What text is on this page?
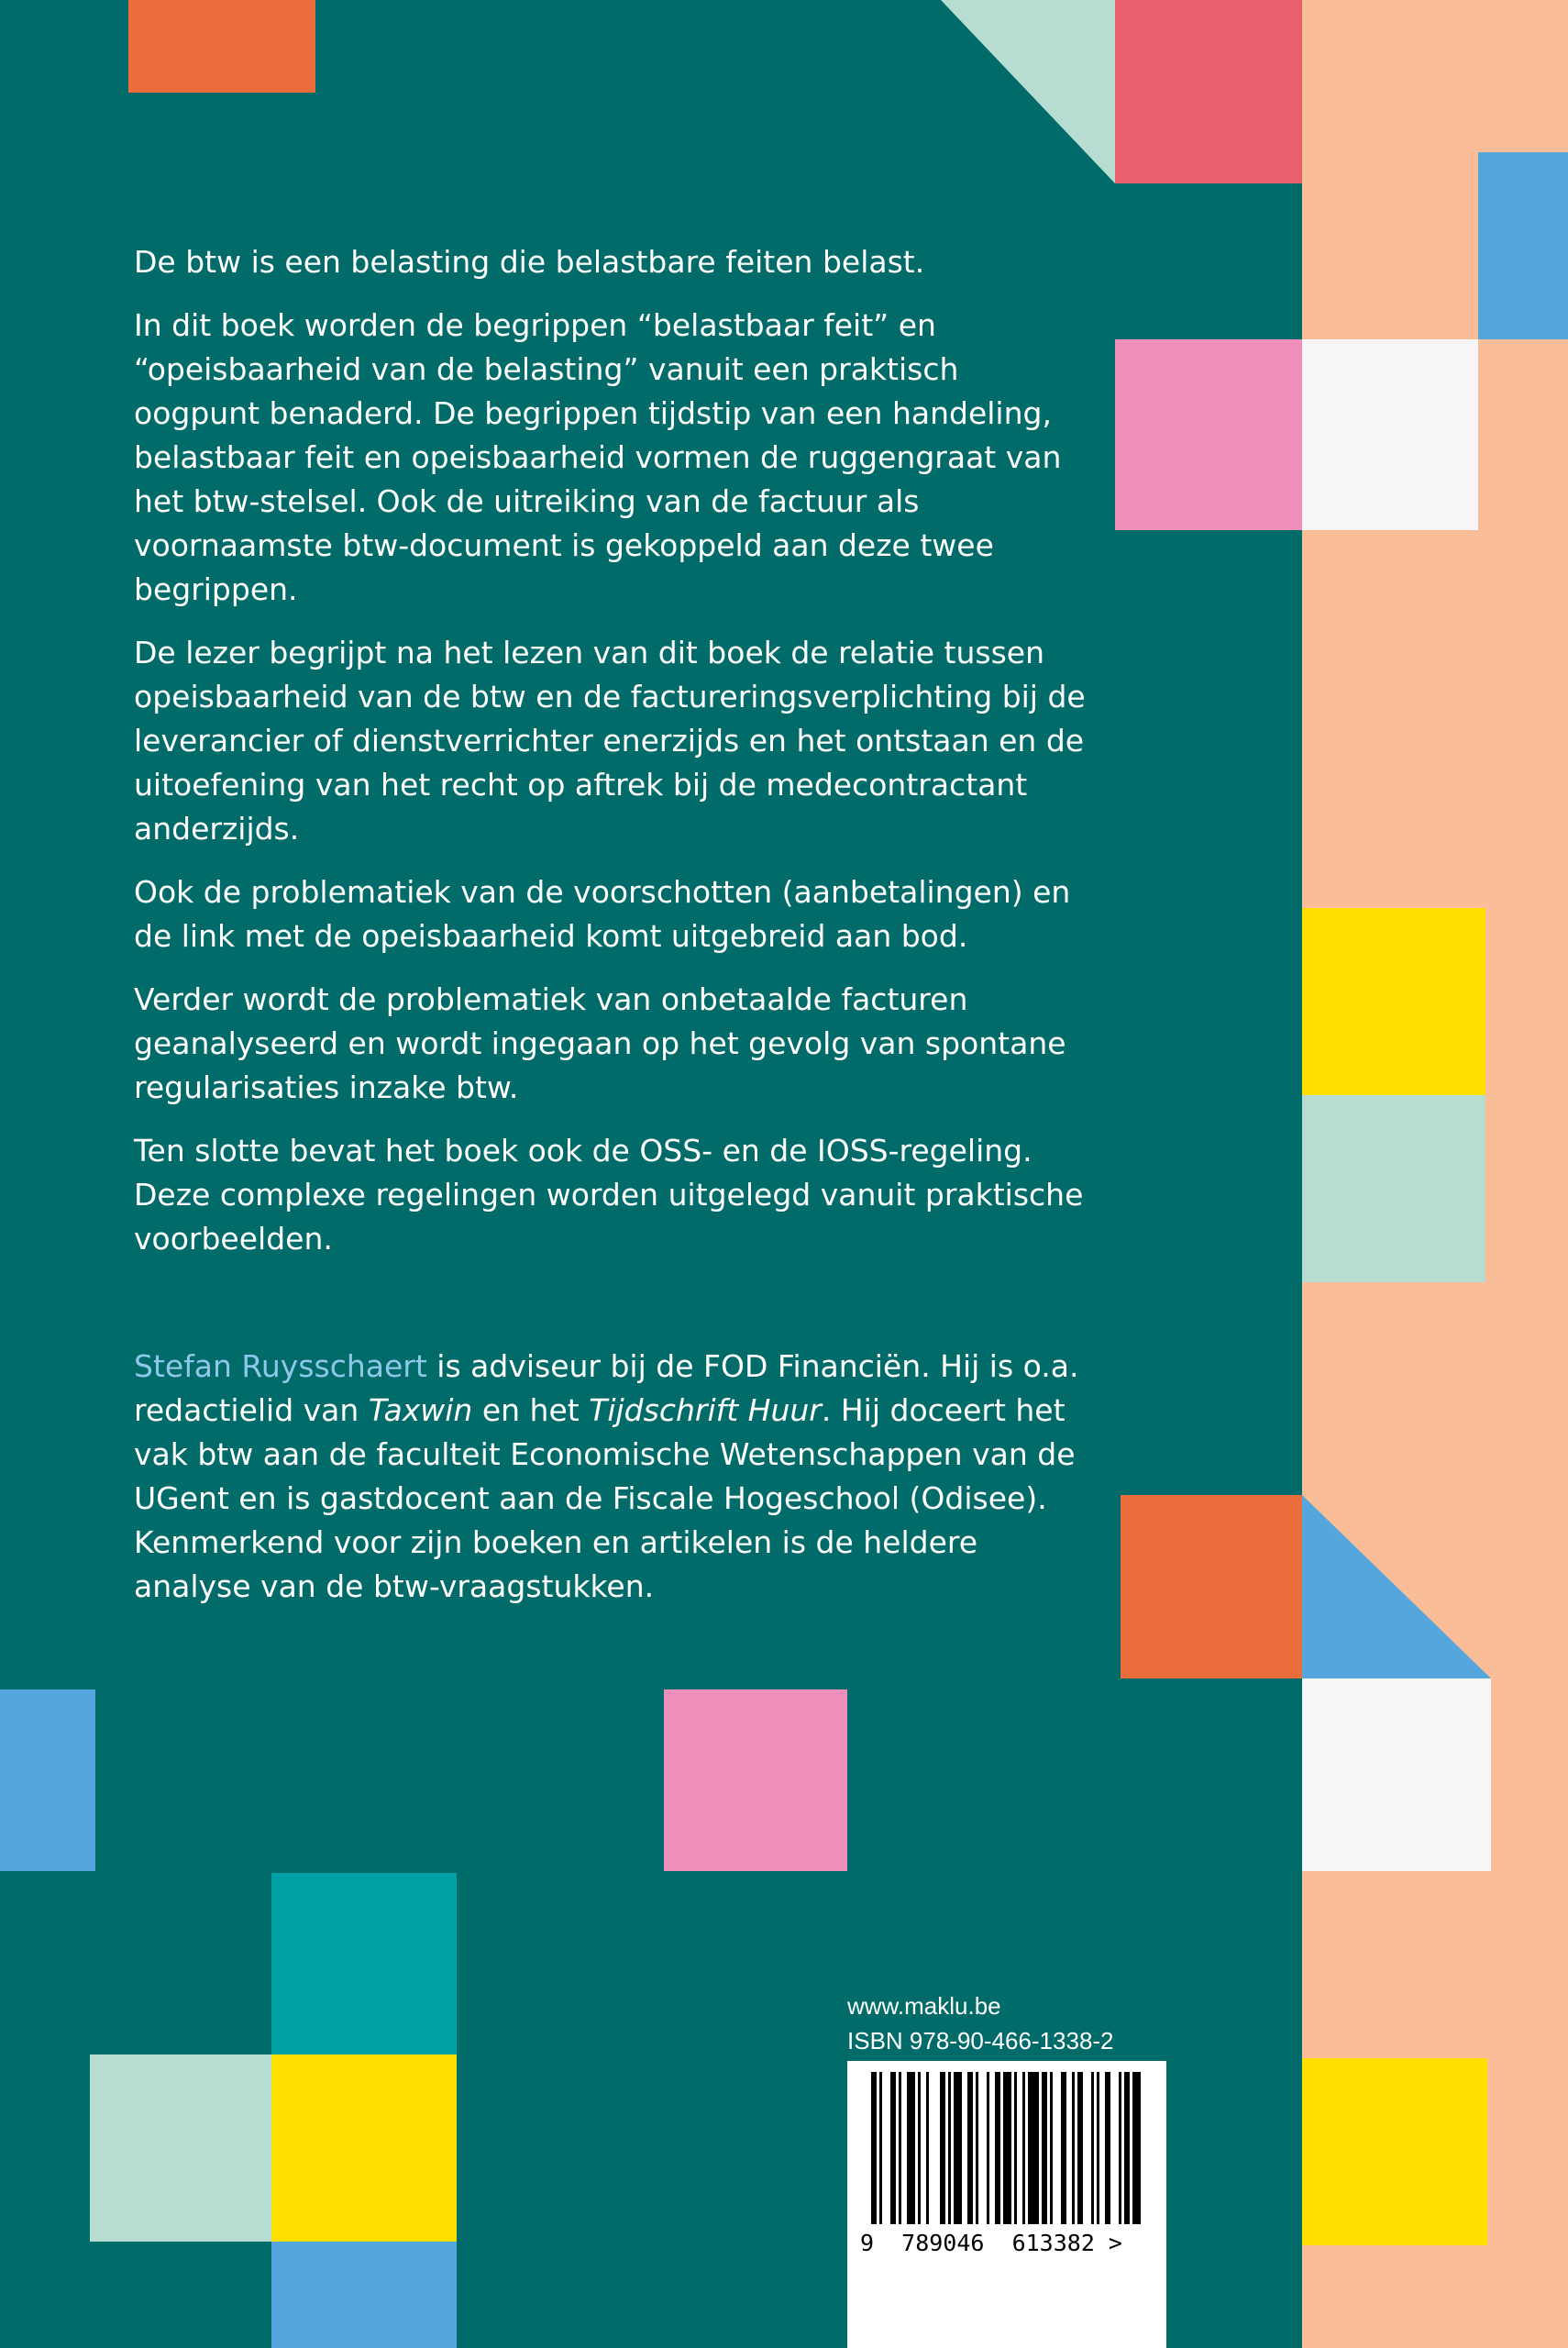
De btw is een belasting die belastbare feiten belast.

In dit boek worden de begrippen “belastbaar feit” en “opeisbaarheid van de belasting” vanuit een praktisch oogpunt benaderd. De begrippen tijdstip van een handeling, belastbaar feit en opeisbaarheid vormen de ruggengraat van het btw-stelsel. Ook de uitreiking van de factuur als voornaamste btw-document is gekoppeld aan deze twee begrippen.

De lezer begrijpt na het lezen van dit boek de relatie tussen opeisbaarheid van de btw en de factureringsverplichting bij de leverancier of dienstverrichter enerzijds en het ontstaan en de uitoefening van het recht op aftrek bij de medecontractant anderzijds.

Ook de problematiek van de voorschotten (aanbetalingen) en de link met de opeisbaarheid komt uitgebreid aan bod.

Verder wordt de problematiek van onbetaalde facturen geanalyseerd en wordt ingegaan op het gevolg van spontane regularisaties inzake btw.

Ten slotte bevat het boek ook de OSS- en de IOSS-regeling. Deze complexe regelingen worden uitgelegd vanuit praktische voorbeelden.

Stefan Ruysschaert is adviseur bij de FOD Financiën. Hij is o.a. redactielid van Taxwin en het Tijdschrift Huur. Hij doceert het vak btw aan de faculteit Economische Wetenschappen van de UGent en is gastdocent aan de Fiscale Hogeschool (Odisee). Kenmerkend voor zijn boeken en artikelen is de heldere analyse van de btw-vraagstukken.

www.maklu.be
ISBN 978-90-466-1338-2
9  789046  613382 >
